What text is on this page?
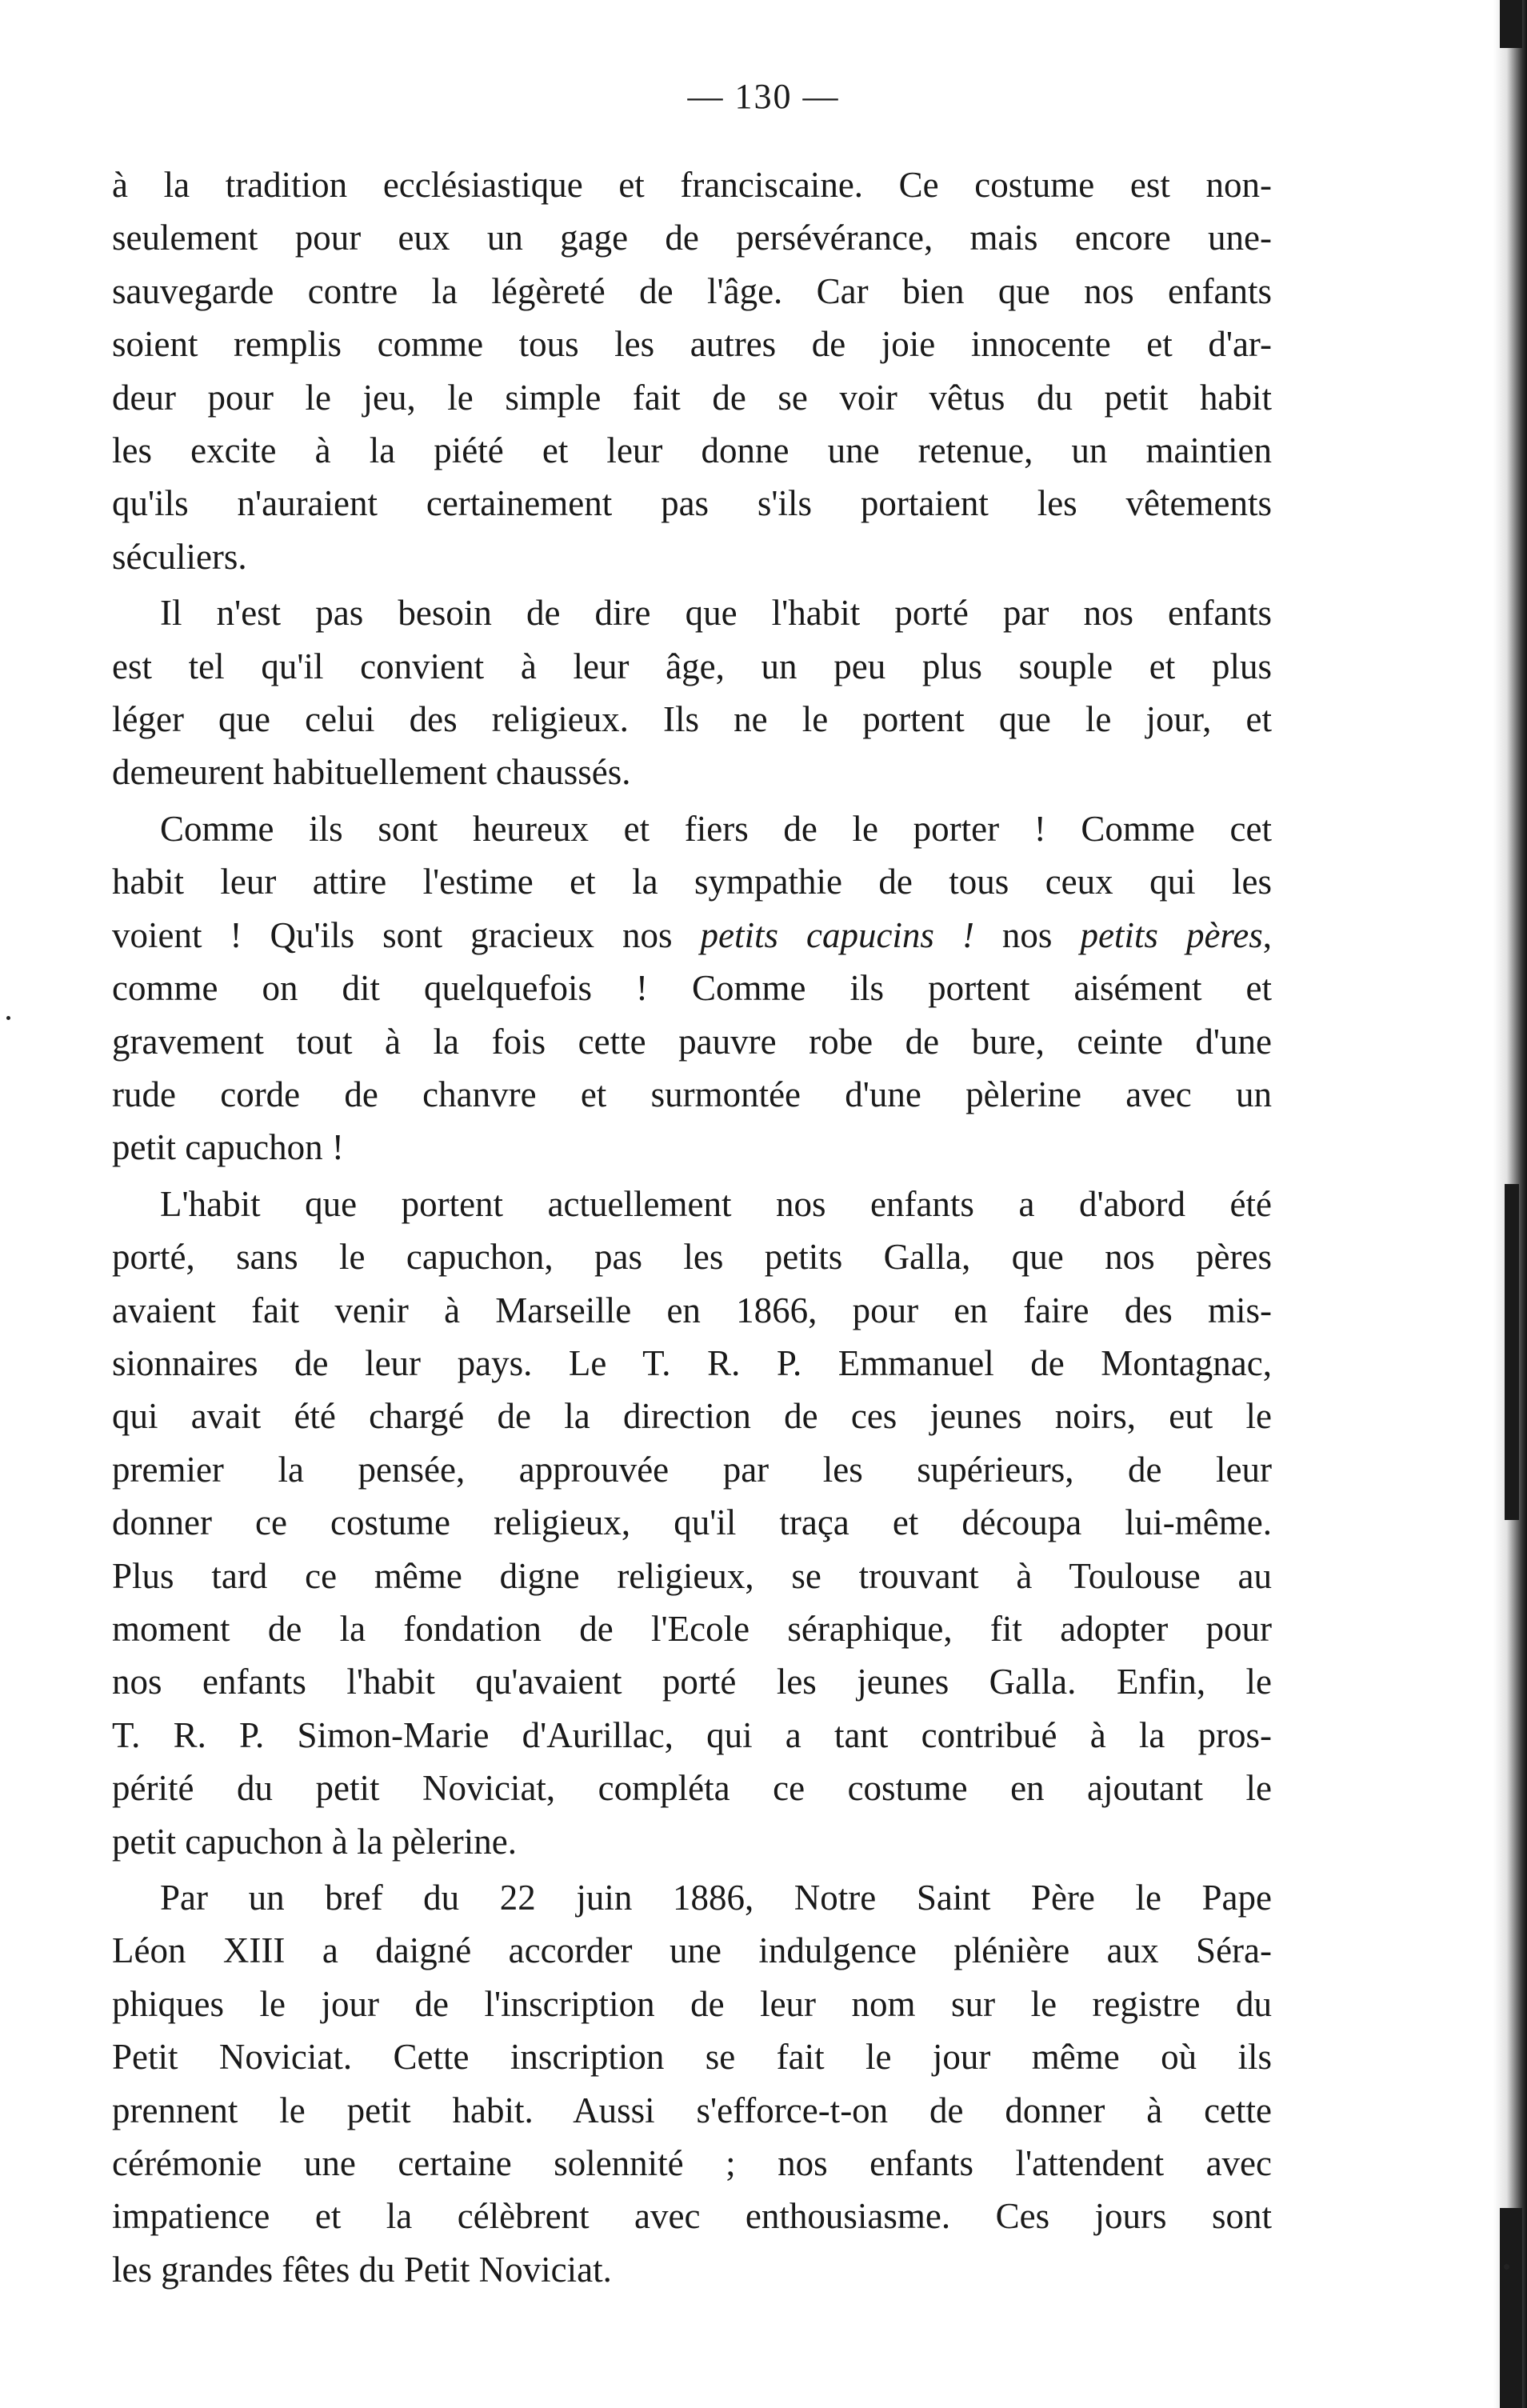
— 130 —
à la tradition ecclésiastique et franciscaine. Ce costume est non-
seulement pour eux un gage de persévérance, mais encore une-
sauvegarde contre la légèreté de l'âge. Car bien que nos enfants
soient remplis comme tous les autres de joie innocente et d'ar-
deur pour le jeu, le simple fait de se voir vêtus du petit habit
les excite à la piété et leur donne une retenue, un maintien
qu'ils n'auraient certainement pas s'ils portaient les vêtements
séculiers.
Il n'est pas besoin de dire que l'habit porté par nos enfants
est tel qu'il convient à leur âge, un peu plus souple et plus
léger que celui des religieux. Ils ne le portent que le jour, et
demeurent habituellement chaussés.
Comme ils sont heureux et fiers de le porter ! Comme cet
habit leur attire l'estime et la sympathie de tous ceux qui les
voient ! Qu'ils sont gracieux nos petits capucins ! nos petits pères,
comme on dit quelquefois ! Comme ils portent aisément et
gravement tout à la fois cette pauvre robe de bure, ceinte d'une
rude corde de chanvre et surmontée d'une pèlerine avec un
petit capuchon !
L'habit que portent actuellement nos enfants a d'abord été
porté, sans le capuchon, pas les petits Galla, que nos pères
avaient fait venir à Marseille en 1866, pour en faire des mis-
sionnaires de leur pays. Le T. R. P. Emmanuel de Montagnac,
qui avait été chargé de la direction de ces jeunes noirs, eut le
premier la pensée, approuvée par les supérieurs, de leur
donner ce costume religieux, qu'il traça et découpa lui-même.
Plus tard ce même digne religieux, se trouvant à Toulouse au
moment de la fondation de l'Ecole séraphique, fit adopter pour
nos enfants l'habit qu'avaient porté les jeunes Galla. Enfin, le
T. R. P. Simon-Marie d'Aurillac, qui a tant contribué à la pros-
périté du petit Noviciat, compléta ce costume en ajoutant le
petit capuchon à la pèlerine.
Par un bref du 22 juin 1886, Notre Saint Père le Pape
Léon XIII a daigné accorder une indulgence plénière aux Séra-
phiques le jour de l'inscription de leur nom sur le registre du
Petit Noviciat. Cette inscription se fait le jour même où ils
prennent le petit habit. Aussi s'efforce-t-on de donner à cette
cérémonie une certaine solennité ; nos enfants l'attendent avec
impatience et la célèbrent avec enthousiasme. Ces jours sont
les grandes fêtes du Petit Noviciat.
